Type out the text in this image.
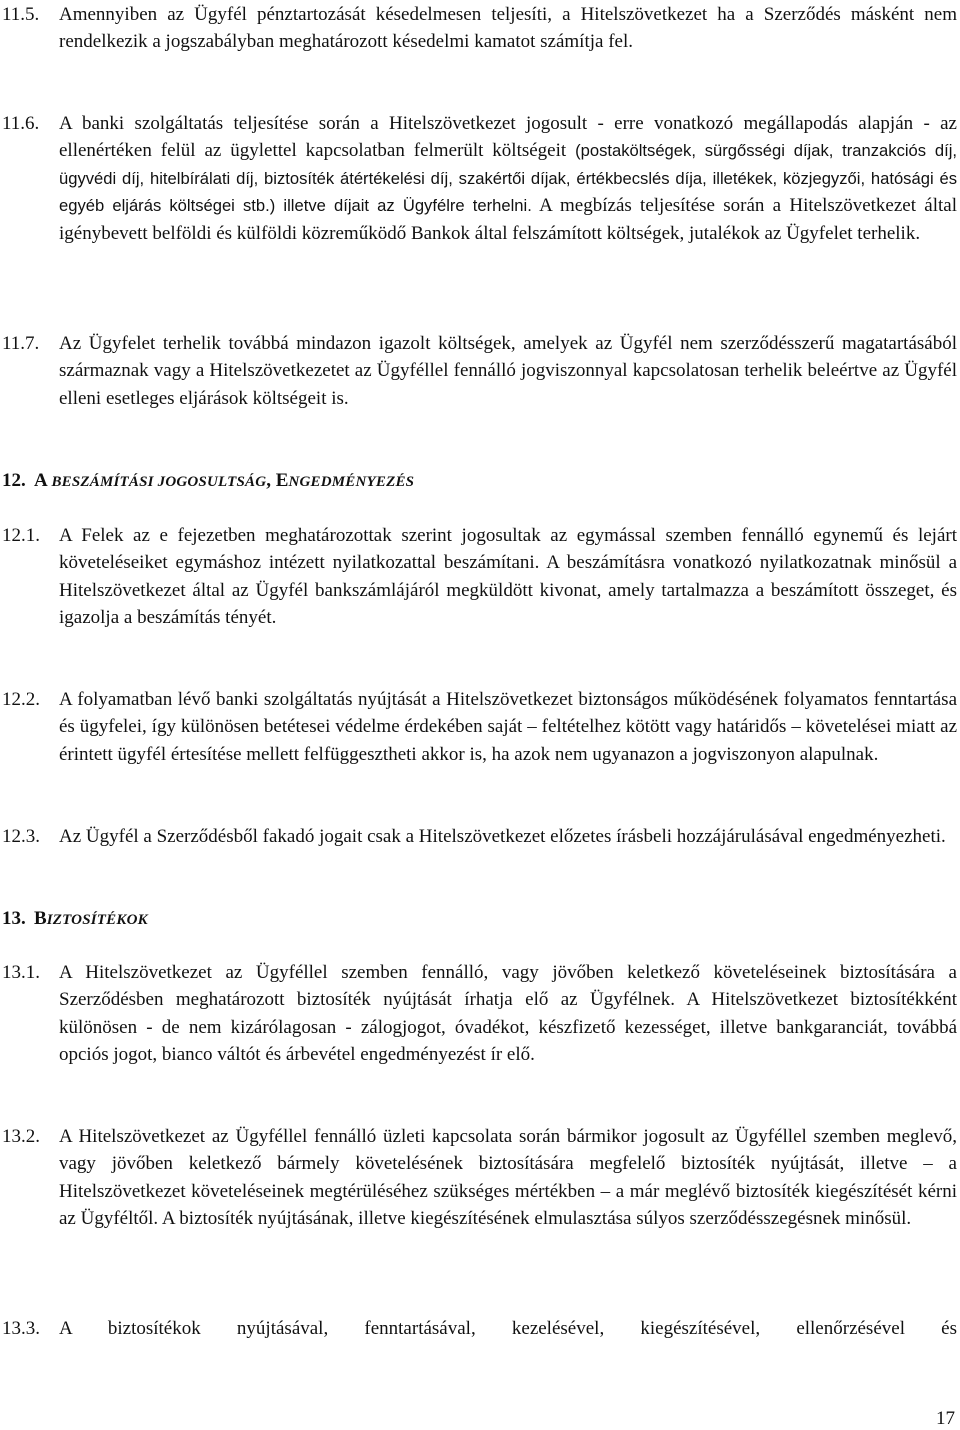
11.5. Amennyiben az Ügyfél pénztartozását késedelmesen teljesíti, a Hitelszövetkezet ha a Szerződés másként nem rendelkezik a jogszabályban meghatározott késedelmi kamatot számítja fel.
11.6. A banki szolgáltatás teljesítése során a Hitelszövetkezet jogosult - erre vonatkozó megállapodás alapján - az ellenértéken felül az ügylettel kapcsolatban felmerült költségeit (postaköltségek, sürgősségi díjak, tranzakciós díj, ügyvédi díj, hitelbírálati díj, biztosíték átértékelési díj, szakértői díjak, értékbecslés díja, illetékek, közjegyzői, hatósági és egyéb eljárás költségei stb.) illetve díjait az Ügyfélre terhelni. A megbízás teljesítése során a Hitelszövetkezet által igénybevett belföldi és külföldi közreműködő Bankok által felszámított költségek, jutalékok az Ügyfelet terhelik.
11.7. Az Ügyfelet terhelik továbbá mindazon igazolt költségek, amelyek az Ügyfél nem szerződésszerű magatartásából származnak vagy a Hitelszövetkezetet az Ügyféllel fennálló jogviszonnyal kapcsolatosan terhelik beleértve az Ügyfél elleni esetleges eljárások költségeit is.
12. A BESZÁMÍTÁSI JOGOSULTSÁG, ENGEDMÉNYEZÉS
12.1. A Felek az e fejezetben meghatározottak szerint jogosultak az egymással szemben fennálló egynemű és lejárt követeléseiket egymáshoz intézett nyilatkozattal beszámítani. A beszámításra vonatkozó nyilatkozatnak minősül a Hitelszövetkezet által az Ügyfél bankszámlájáról megküldött kivonat, amely tartalmazza a beszámított összeget, és igazolja a beszámítás tényét.
12.2. A folyamatban lévő banki szolgáltatás nyújtását a Hitelszövetkezet biztonságos működésének folyamatos fenntartása és ügyfelei, így különösen betétesei védelme érdekében saját – feltételhez kötött vagy határidős – követelései miatt az érintett ügyfél értesítése mellett felfüggesztheti akkor is, ha azok nem ugyanazon a jogviszonyon alapulnak.
12.3. Az Ügyfél a Szerződésből fakadó jogait csak a Hitelszövetkezet előzetes írásbeli hozzájárulásával engedményezheti.
13. BIZTOSÍTÉKOK
13.1. A Hitelszövetkezet az Ügyféllel szemben fennálló, vagy jövőben keletkező követeléseinek biztosítására a Szerződésben meghatározott biztosíték nyújtását írhatja elő az Ügyfélnek. A Hitelszövetkezet biztosítékként különösen - de nem kizárólagosan - zálogjogot, óvadékot, készfizető kezességet, illetve bankgaranciát, továbbá opciós jogot, bianco váltót és árbevétel engedményezést ír elő.
13.2. A Hitelszövetkezet az Ügyféllel fennálló üzleti kapcsolata során bármikor jogosult az Ügyféllel szemben meglevő, vagy jövőben keletkező bármely követelésének biztosítására megfelelő biztosíték nyújtását, illetve – a Hitelszövetkezet követeléseinek megtérüléséhez szükséges mértékben – a már meglévő biztosíték kiegészítését kérni az Ügyféltől. A biztosíték nyújtásának, illetve kiegészítésének elmulasztása súlyos szerződésszegésnek minősül.
13.3. A biztosítékok nyújtásával, fenntartásával, kezelésével, kiegészítésével, ellenőrzésével és
17
